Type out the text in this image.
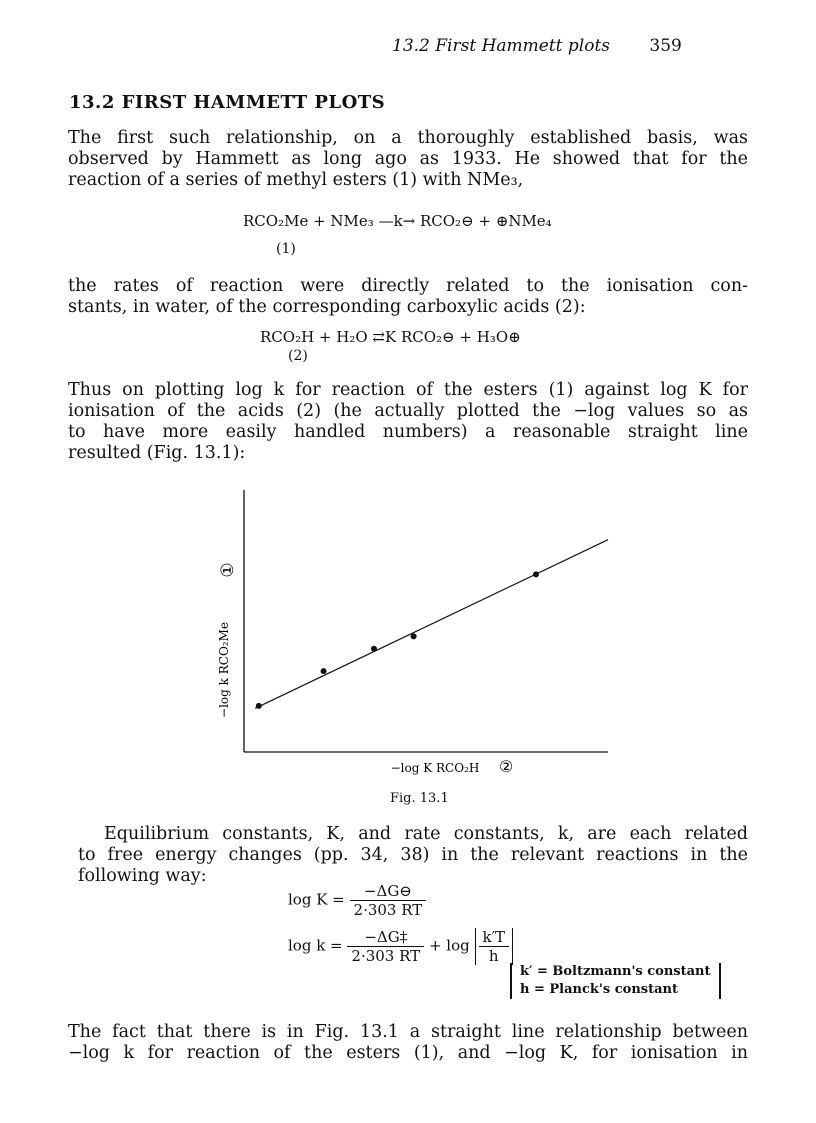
13.2 First Hammett plots 359
13.2 FIRST HAMMETT PLOTS
The first such relationship, on a thoroughly established basis, was
observed by Hammett as long ago as 1933. He showed that for the
reaction of a series of methyl esters (1) with NMe₃,
RCO₂Me + NMe₃ —k→ RCO₂⊖ + ⊕NMe₄
(1)
the rates of reaction were directly related to the ionisation con-
stants, in water, of the corresponding carboxylic acids (2):
RCO₂H + H₂O ⇄K RCO₂⊖ + H₃O⊕
(2)
Thus on plotting log k for reaction of the esters (1) against log K for
ionisation of the acids (2) (he actually plotted the −log values so as
to have more easily handled numbers) a reasonable straight line
resulted (Fig. 13.1):
−log k RCO₂Me
①
−log K RCO₂H ②
Fig. 13.1
Equilibrium constants, K, and rate constants, k, are each related
to free energy changes (pp. 34, 38) in the relevant reactions in the
following way:
$\log K = \frac{-\Delta G⊖}{2\cdot 303 RT}$
$\log k = \frac{-\Delta G\ddagger}{2\cdot 303 RT} + \log \frac{k'T}{h}$
k′ = Boltzmann's constant
h = Planck's constant
The fact that there is in Fig. 13.1 a straight line relationship between
−log k for reaction of the esters (1), and −log K, for ionisation in
